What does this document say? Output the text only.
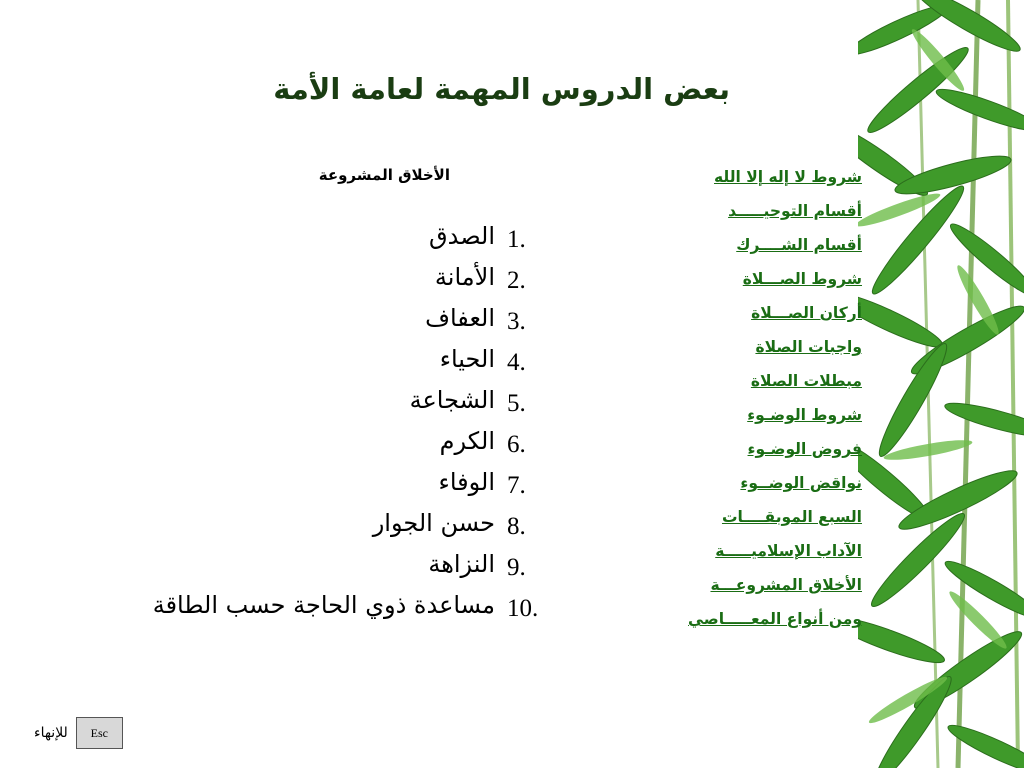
بعض الدروس المهمة لعامة الأمة
الأخلاق المشروعة
1.
الصدق
2.
الأمانة
3.
العفاف
4.
الحياء
5.
الشجاعة
6.
الكرم
7.
الوفاء
8.
حسن الجوار
9.
النزاهة
10.
مساعدة ذوي الحاجة حسب الطاقة
شروط لا إله إلا الله
أقسام التوحيـــــد
أقسام الشــــرك
شروط الصـــلاة
أركان الصـــلاة
واجبات الصلاة
مبطلات الصلاة
شروط الوضـوء
فروض الوضـوء
نواقض الوضــوء
السبع الموبقــــات
الآداب الإسلاميـــــة
الأخلاق المشروعـــة
ومن أنواع المعـــــاصي
للإنهاء	Esc
